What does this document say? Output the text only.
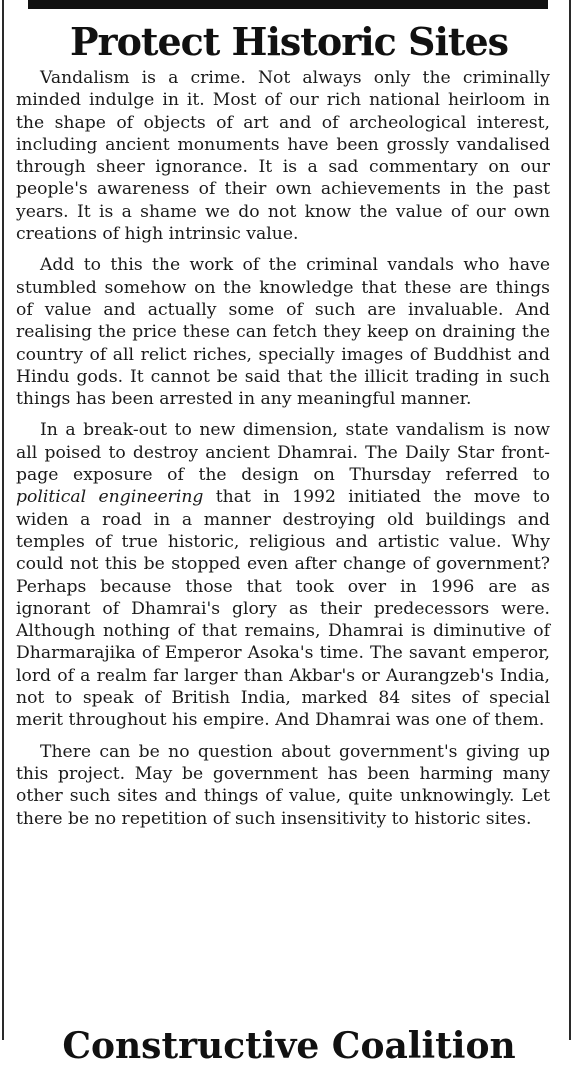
Protect Historic Sites

Vandalism is a crime. Not always only the criminally minded indulge in it. Most of our rich national heirloom in the shape of objects of art and of archeological interest, including ancient monuments have been grossly vandalised through sheer ignorance. It is a sad commentary on our people's awareness of their own achievements in the past years. It is a shame we do not know the value of our own creations of high intrinsic value.

Add to this the work of the criminal vandals who have stumbled somehow on the knowledge that these are things of value and actually some of such are invaluable. And realising the price these can fetch they keep on draining the country of all relict riches, specially images of Buddhist and Hindu gods. It cannot be said that the illicit trading in such things has been arrested in any meaningful manner.

In a break-out to new dimension, state vandalism is now all poised to destroy ancient Dhamrai. The Daily Star front-page exposure of the design on Thursday referred to political engineering that in 1992 initiated the move to widen a road in a manner destroying old buildings and temples of true historic, religious and artistic value. Why could not this be stopped even after change of government? Perhaps because those that took over in 1996 are as ignorant of Dhamrai's glory as their predecessors were. Although nothing of that remains, Dhamrai is diminutive of Dharmarajika of Emperor Asoka's time. The savant emperor, lord of a realm far larger than Akbar's or Aurangzeb's India, not to speak of British India, marked 84 sites of special merit throughout his empire. And Dhamrai was one of them.

There can be no question about government's giving up this project. May be government has been harming many other such sites and things of value, quite unknowingly. Let there be no repetition of such insensitivity to historic sites.

Constructive Coalition
